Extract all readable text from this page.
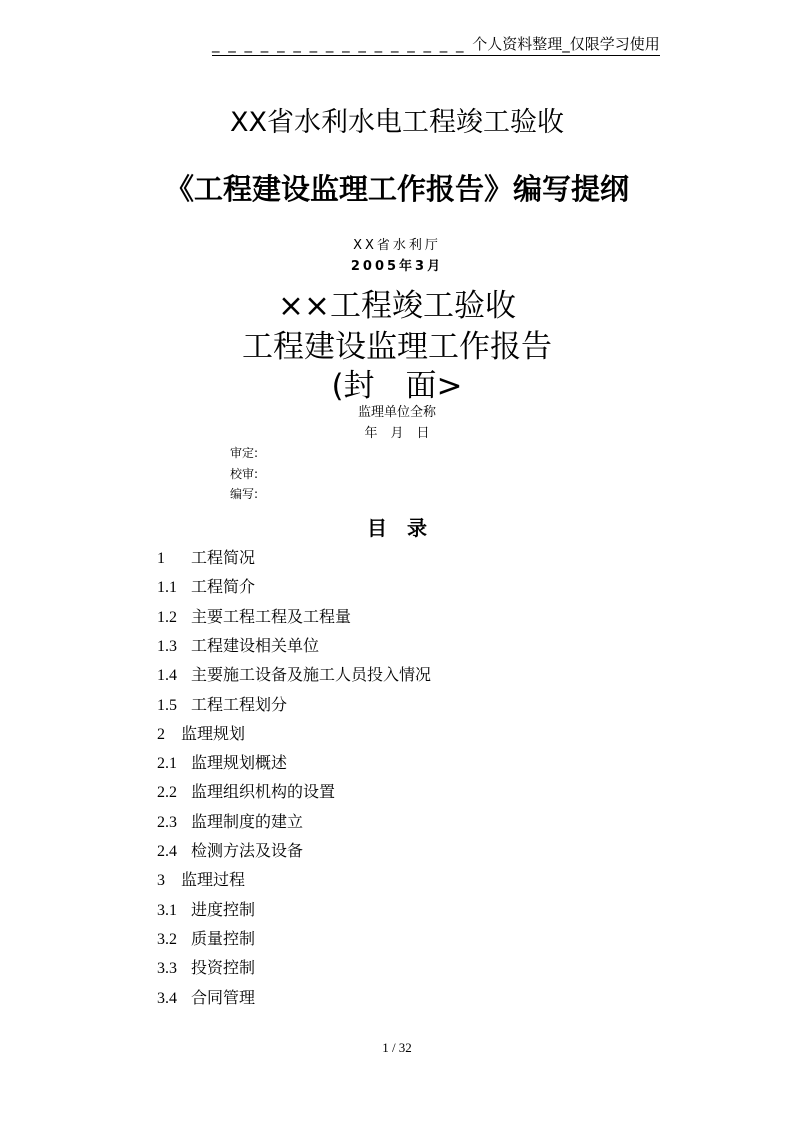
_ _ _ _ _ _ _ _ _ _ _ _ _ _ _ _ 个人资料整理_仅限学习使用
XX省水利水电工程竣工验收
《工程建设监理工作报告》编写提纲
XX省水利厅
2005年3月
××工程竣工验收
工程建设监理工作报告
(封　面>
监理单位全称
年　月　日
审定:
校审:
编写:
目　录
1 工程简况
1.1 工程简介
1.2 主要工程工程及工程量
1.3 工程建设相关单位
1.4 主要施工设备及施工人员投入情况
1.5 工程工程划分
2 监理规划
2.1 监理规划概述
2.2 监理组织机构的设置
2.3 监理制度的建立
2.4 检测方法及设备
3 监理过程
3.1 进度控制
3.2 质量控制
3.3 投资控制
3.4 合同管理
1 / 32
